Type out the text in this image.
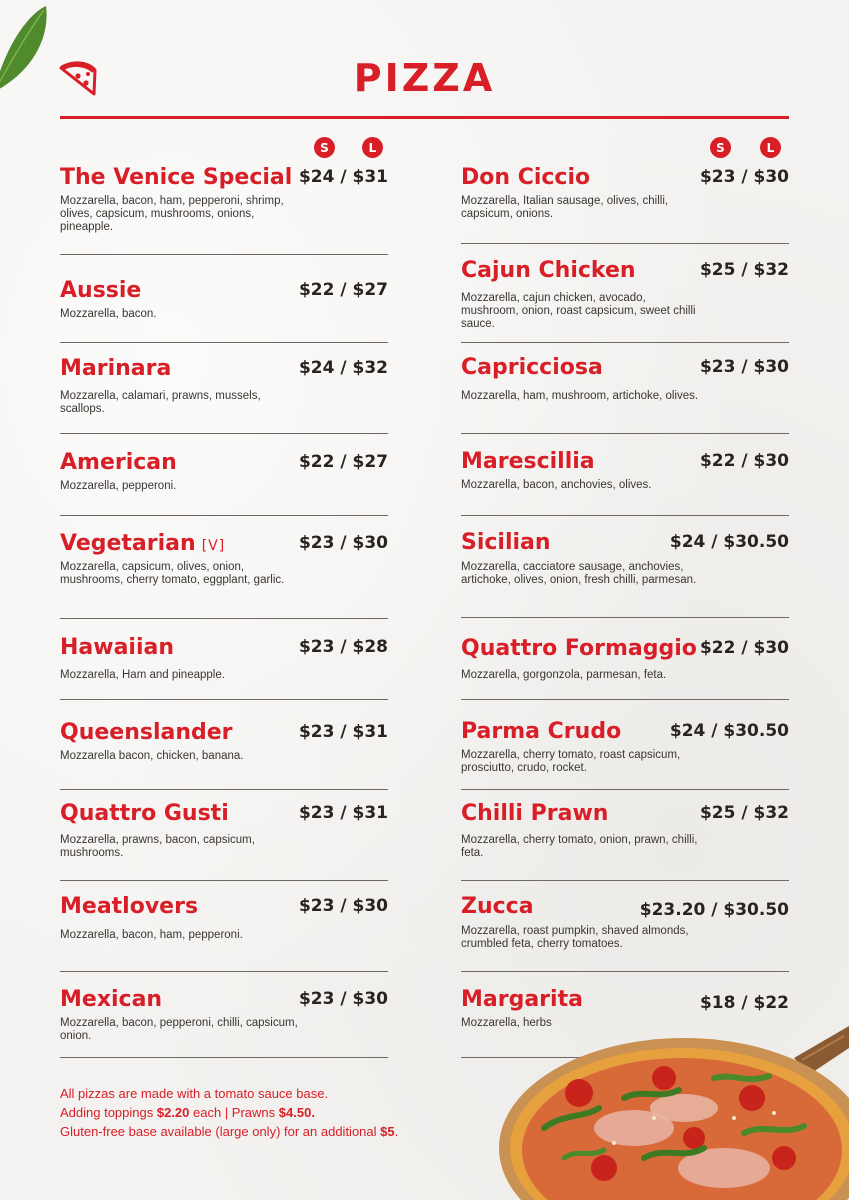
PIZZA
S	L	S	L
The Venice Special $24 / $31
Mozzarella, bacon, ham, pepperoni, shrimp, olives, capsicum, mushrooms, onions, pineapple.
Aussie	$22 / $27
Mozzarella, bacon.
Marinara	$24 / $32
Mozzarella, calamari, prawns, mussels, scallops.
American	$22 / $27
Mozzarella, pepperoni.
Vegetarian [V]	$23 / $30
Mozzarella, capsicum, olives, onion, mushrooms, cherry tomato, eggplant, garlic.
Hawaiian	$23 / $28
Mozzarella, Ham and pineapple.
Queenslander	$23 / $31
Mozzarella bacon, chicken, banana.
Quattro Gusti	$23 / $31
Mozzarella, prawns, bacon, capsicum, mushrooms.
Meatlovers	$23 / $30
Mozzarella, bacon, ham, pepperoni.
Mexican	$23 / $30
Mozzarella, bacon, pepperoni, chilli, capsicum, onion.
Don Ciccio	$23 / $30
Mozzarella, Italian sausage, olives, chilli, capsicum, onions.
Cajun Chicken	$25 / $32
Mozzarella, cajun chicken, avocado, mushroom, onion, roast capsicum, sweet chilli sauce.
Capricciosa	$23 / $30
Mozzarella, ham, mushroom, artichoke, olives.
Marescillia	$22 / $30
Mozzarella, bacon, anchovies, olives.
Sicilian	$24 / $30.50
Mozzarella, cacciatore sausage, anchovies, artichoke, olives, onion, fresh chilli, parmesan.
Quattro Formaggio $22 / $30
Mozzarella, gorgonzola, parmesan, feta.
Parma Crudo	$24 / $30.50
Mozzarella, cherry tomato, roast capsicum, prosciutto, crudo, rocket.
Chilli Prawn	$25 / $32
Mozzarella, cherry tomato, onion, prawn, chilli, feta.
Zucca	$23.20 / $30.50
Mozzarella, roast pumpkin, shaved almonds, crumbled feta, cherry tomatoes.
Margarita	$18 / $22
Mozzarella, herbs
All pizzas are made with a tomato sauce base.
Adding toppings $2.20 each | Prawns $4.50.
Gluten-free base available (large only) for an additional $5.
